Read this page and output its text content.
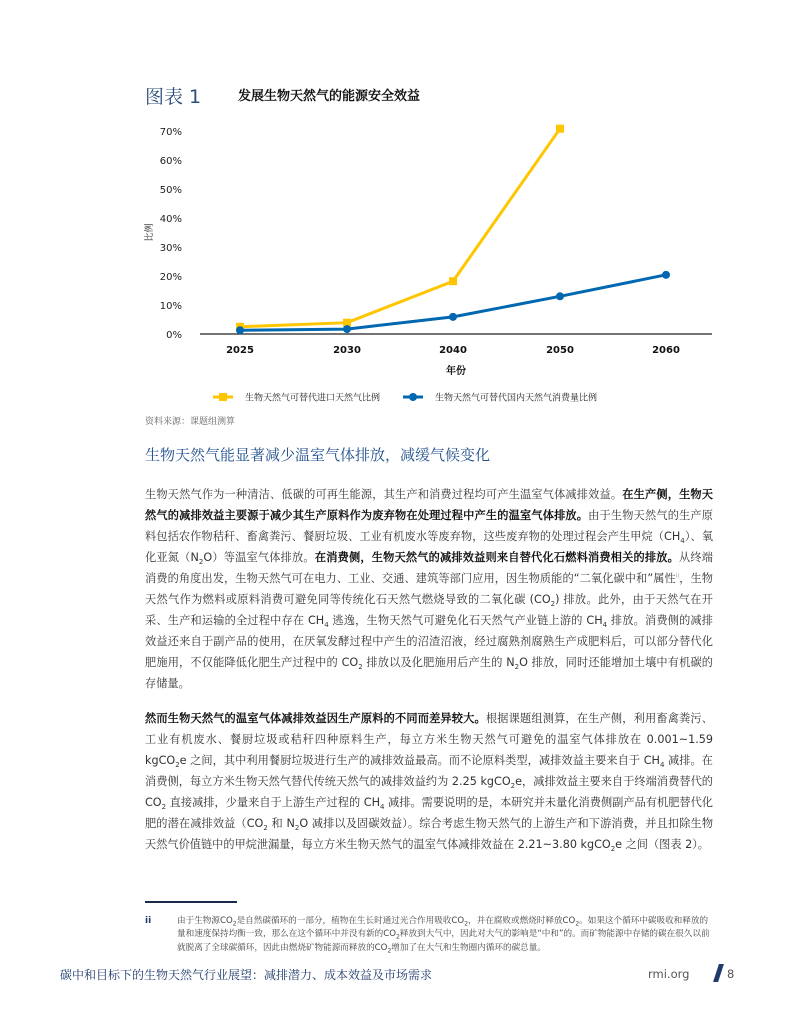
图表 1	发展生物天然气的能源安全效益
0%
10%
20%
30%
40%
50%
60%
70%
2025	2030	2040	2050	2060
年份
比例
生物天然气可替代进口天然气比例	生物天然气可替代国内天然气消费量比例
资料来源：课题组测算
生物天然气能显著减少温室气体排放，减缓气候变化

生物天然气作为一种清洁、低碳的可再生能源，其生产和消费过程均可产生温室气体减排效益。在生产侧，生物天然气的减排效益主要源于减少其生产原料作为废弃物在处理过程中产生的温室气体排放。由于生物天然气的生产原料包括农作物秸秆、畜禽粪污、餐厨垃圾、工业有机废水等废弃物，这些废弃物的处理过程会产生甲烷$(CH_4)$、氧化亚氮$(N_2O)$等温室气体排放。在消费侧，生物天然气的减排效益则来自替代化石燃料消费相关的排放。从终端消费的角度出发，生物天然气可在电力、工业、交通、建筑等部门应用，因生物质能的“二氧化碳中和”属性$^{ii}$，生物天然气作为燃料或原料消费可避免同等传统化石天然气燃烧导致的二氧化碳 $(CO_2)$ 排放。此外，由于天然气在开采、生产和运输的全过程中存在 $CH_4$ 逃逸，生物天然气可避免化石天然气产业链上游的 $CH_4$ 排放。消费侧的减排效益还来自于副产品的使用，在厌氧发酵过程中产生的沼渣沼液，经过腐熟剂腐熟生产成肥料后，可以部分替代化肥施用，不仅能降低化肥生产过程中的 $CO_2$ 排放以及化肥施用后产生的 $N_2O$ 排放，同时还能增加土壤中有机碳的存储量。

然而生物天然气的温室气体减排效益因生产原料的不同而差异较大。根据课题组测算，在生产侧，利用畜禽粪污、工业有机废水、餐厨垃圾或秸秆四种原料生产，每立方米生物天然气可避免的温室气体排放在 0.001~1.59 kgCO$_2$e 之间，其中利用餐厨垃圾进行生产的减排效益最高。而不论原料类型，减排效益主要来自于 $CH_4$ 减排。在消费侧，每立方米生物天然气替代传统天然气的减排效益约为 2.25 kgCO$_2$e，减排效益主要来自于终端消费替代的 $CO_2$ 直接减排，少量来自于上游生产过程的 $CH_4$ 减排。需要说明的是，本研究并未量化消费侧副产品有机肥替代化肥的潜在减排效益（$CO_2$ 和 $N_2O$ 减排以及固碳效益）。综合考虑生物天然气的上游生产和下游消费，并且扣除生物天然气价值链中的甲烷泄漏量，每立方米生物天然气的温室气体减排效益在 2.21~3.80 kgCO$_2$e 之间（图表 2）。

ii	由于生物源$CO_2$是自然碳循环的一部分，植物在生长时通过光合作用吸收$CO_2$，并在腐败或燃烧时释放$CO_2$。如果这个循环中碳吸收和释放的量和速度保持均衡一致，那么在这个循环中并没有新的$CO_2$释放到大气中，因此对大气的影响是“中和”的。而矿物能源中存储的碳在很久以前就脱离了全球碳循环，因此由燃烧矿物能源而释放的$CO_2$增加了在大气和生物圈内循环的碳总量。
碳中和目标下的生物天然气行业展望：减排潜力、成本效益及市场需求	rmi.org	8
